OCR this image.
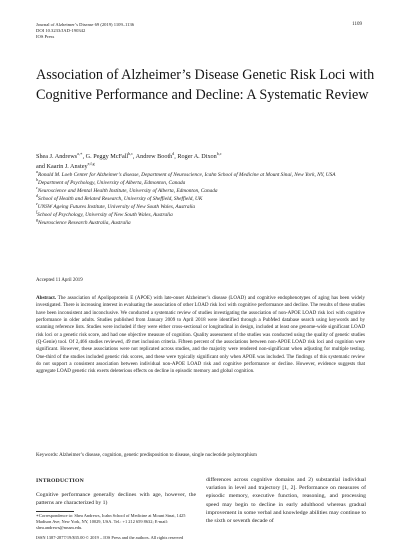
Journal of Alzheimer’s Disease 69 (2019) 1109–1136
DOI 10.3233/JAD-190342
IOS Press
1109
Association of Alzheimer’s Disease Genetic Risk Loci with Cognitive Performance and Decline: A Systematic Review
Shea J. Andrews$^{a,∗}$, G. Peggy McFall$^{b,c}$, Andrew Booth$^d$, Roger A. Dixon$^{b,c}$
and Kaarin J. Anstey$^{e,f,g}$
$^a$Ronald M. Loeb Center for Alzheimer’s disease, Department of Neuroscience, Icahn School of Medicine at Mount Sinai, New York, NY, USA
$^b$Department of Psychology, University of Alberta, Edmonton, Canada
$^c$Neuroscience and Mental Health Institute, University of Alberta, Edmonton, Canada
$^d$School of Health and Related Research, University of Sheffield, Sheffield, UK
$^e$UNSW Ageing Futures Institute, University of New South Wales, Australia
$^f$School of Psychology, University of New South Wales, Australia
$^g$Neuroscience Research Australia, Australia
Accepted 11 April 2019

Abstract. The association of Apolipoprotein E (APOE) with late-onset Alzheimer’s disease (LOAD) and cognitive endophenotypes of aging has been widely investigated. There is increasing interest in evaluating the association of other LOAD risk loci with cognitive performance and decline. The results of these studies have been inconsistent and inconclusive. We conducted a systematic review of studies investigating the association of non-APOE LOAD risk loci with cognitive performance in older adults. Studies published from January 2009 to April 2018 were identified through a PubMed database search using keywords and by scanning reference lists. Studies were included if they were either cross-sectional or longitudinal in design, included at least one genome-wide significant LOAD risk loci or a genetic risk score, and had one objective measure of cognition. Quality assessment of the studies was conducted using the quality of genetic studies (Q-Genie) tool. Of 2,466 studies reviewed, 49 met inclusion criteria. Fifteen percent of the associations between non-APOE LOAD risk loci and cognition were significant. However, these associations were not replicated across studies, and the majority were rendered non-significant when adjusting for multiple testing. One-third of the studies included genetic risk scores, and these were typically significant only when APOE was included. The findings of this systematic review do not support a consistent association between individual non-APOE LOAD risk and cognitive performance or decline. However, evidence suggests that aggregate LOAD genetic risk exerts deleterious effects on decline in episodic memory and global cognition.

Keywords: Alzheimer’s disease, cognition, genetic predisposition to disease, single nucleotide polymorphism

INTRODUCTION

Cognitive performance generally declines with age, however, the patterns are characterized by 1)

differences across cognitive domains and 2) substantial individual variation in level and trajectory [1, 2]. Performance on measures of episodic memory, executive function, reasoning, and processing speed may begin to decline in early adulthood whereas gradual improvement in some verbal and knowledge abilities may continue to the sixth or seventh decade of

∗Correspondence to: Shea Andrews, Icahn School of Medicine at Mount Sinai, 1425 Madison Ave; New York, NY, 10029, USA. Tel.: +1 212 659 8632; E-mail: shea.andrews@mssm.edu.

ISSN 1387-2877/19/$35.00 © 2019 – IOS Press and the authors. All rights reserved
